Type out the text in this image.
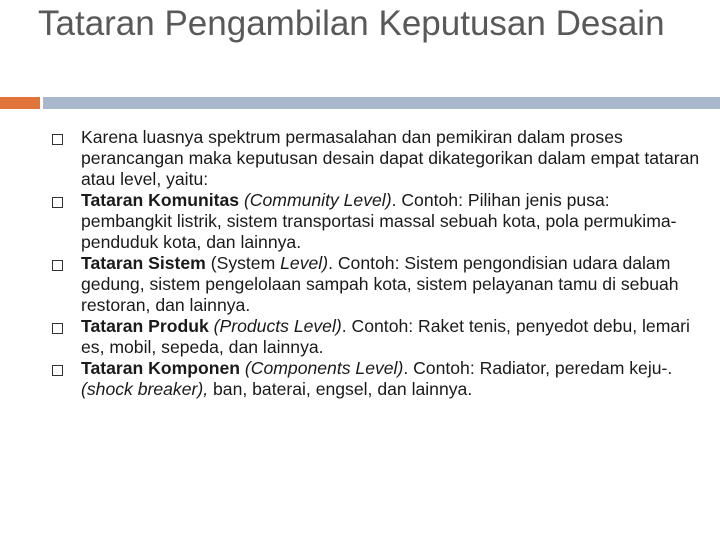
Tataran Pengambilan Keputusan Desain
Karena luasnya spektrum permasalahan dan pemikiran dalam proses perancangan maka keputusan desain dapat dikategorikan dalam empat tataran atau level, yaitu:
Tataran Komunitas (Community Level). Contoh: Pilihan jenis pusa: pembangkit listrik, sistem transportasi massal sebuah kota, pola permukima-penduduk kota, dan lainnya.
Tataran Sistem (System Level). Contoh: Sistem pengondisian udara dalam gedung, sistem pengelolaan sampah kota, sistem pelayanan tamu di sebuah restoran, dan lainnya.
Tataran Produk (Products Level). Contoh: Raket tenis, penyedot debu, lemari es, mobil, sepeda, dan lainnya.
Tataran Komponen (Components Level). Contoh: Radiator, peredam keju-. (shock breaker), ban, baterai, engsel, dan lainnya.
